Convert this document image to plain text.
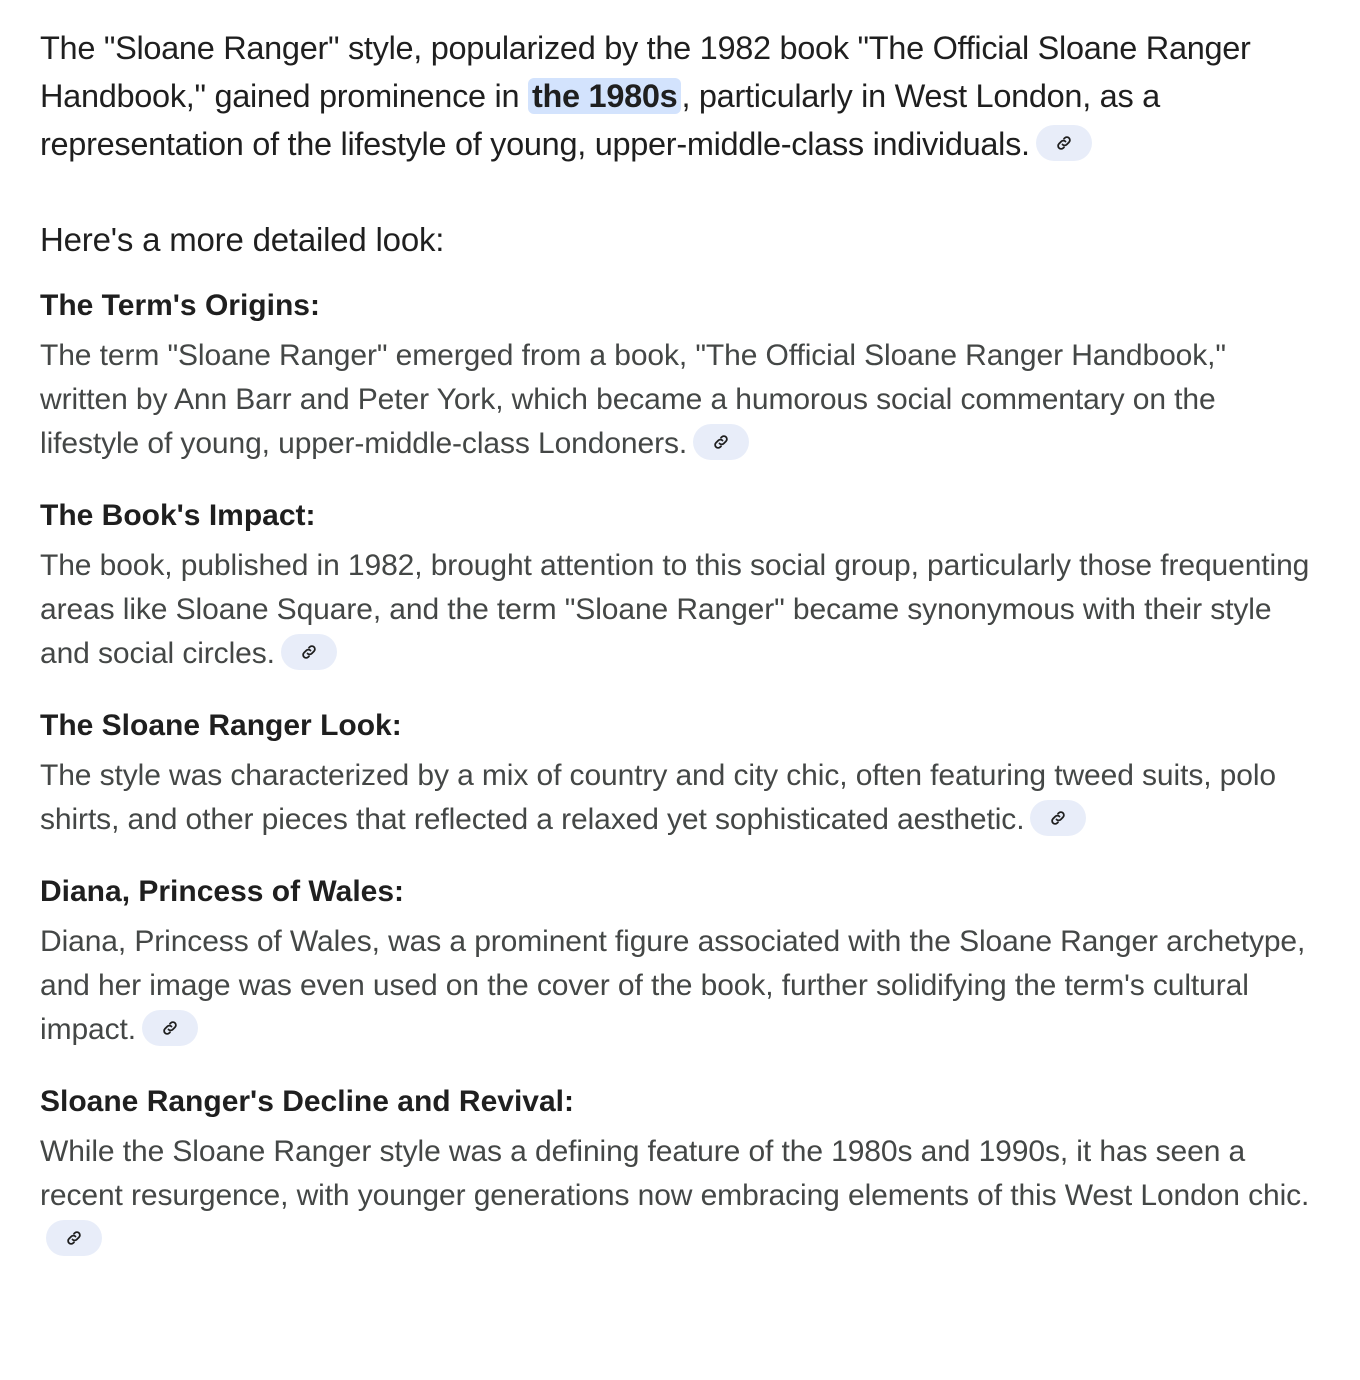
The "Sloane Ranger" style, popularized by the 1982 book "The Official Sloane Ranger Handbook," gained prominence in the 1980s , particularly in West London, as a representation of the lifestyle of young, upper-middle-class individuals.

Here's a more detailed look:
The Term's Origins:

The term "Sloane Ranger" emerged from a book, "The Official Sloane Ranger Handbook," written by Ann Barr and Peter York, which became a humorous social commentary on the lifestyle of young, upper-middle-class Londoners.

The Book's Impact:

The book, published in 1982, brought attention to this social group, particularly those frequenting areas like Sloane Square, and the term "Sloane Ranger" became synonymous with their style and social circles.

The Sloane Ranger Look:

The style was characterized by a mix of country and city chic, often featuring tweed suits, polo shirts, and other pieces that reflected a relaxed yet sophisticated aesthetic.

Diana, Princess of Wales:

Diana, Princess of Wales, was a prominent figure associated with the Sloane Ranger archetype, and her image was even used on the cover of the book, further solidifying the term's cultural impact.

Sloane Ranger's Decline and Revival:

While the Sloane Ranger style was a defining feature of the 1980s and 1990s, it has seen a recent resurgence, with younger generations now embracing elements of this West London chic.
